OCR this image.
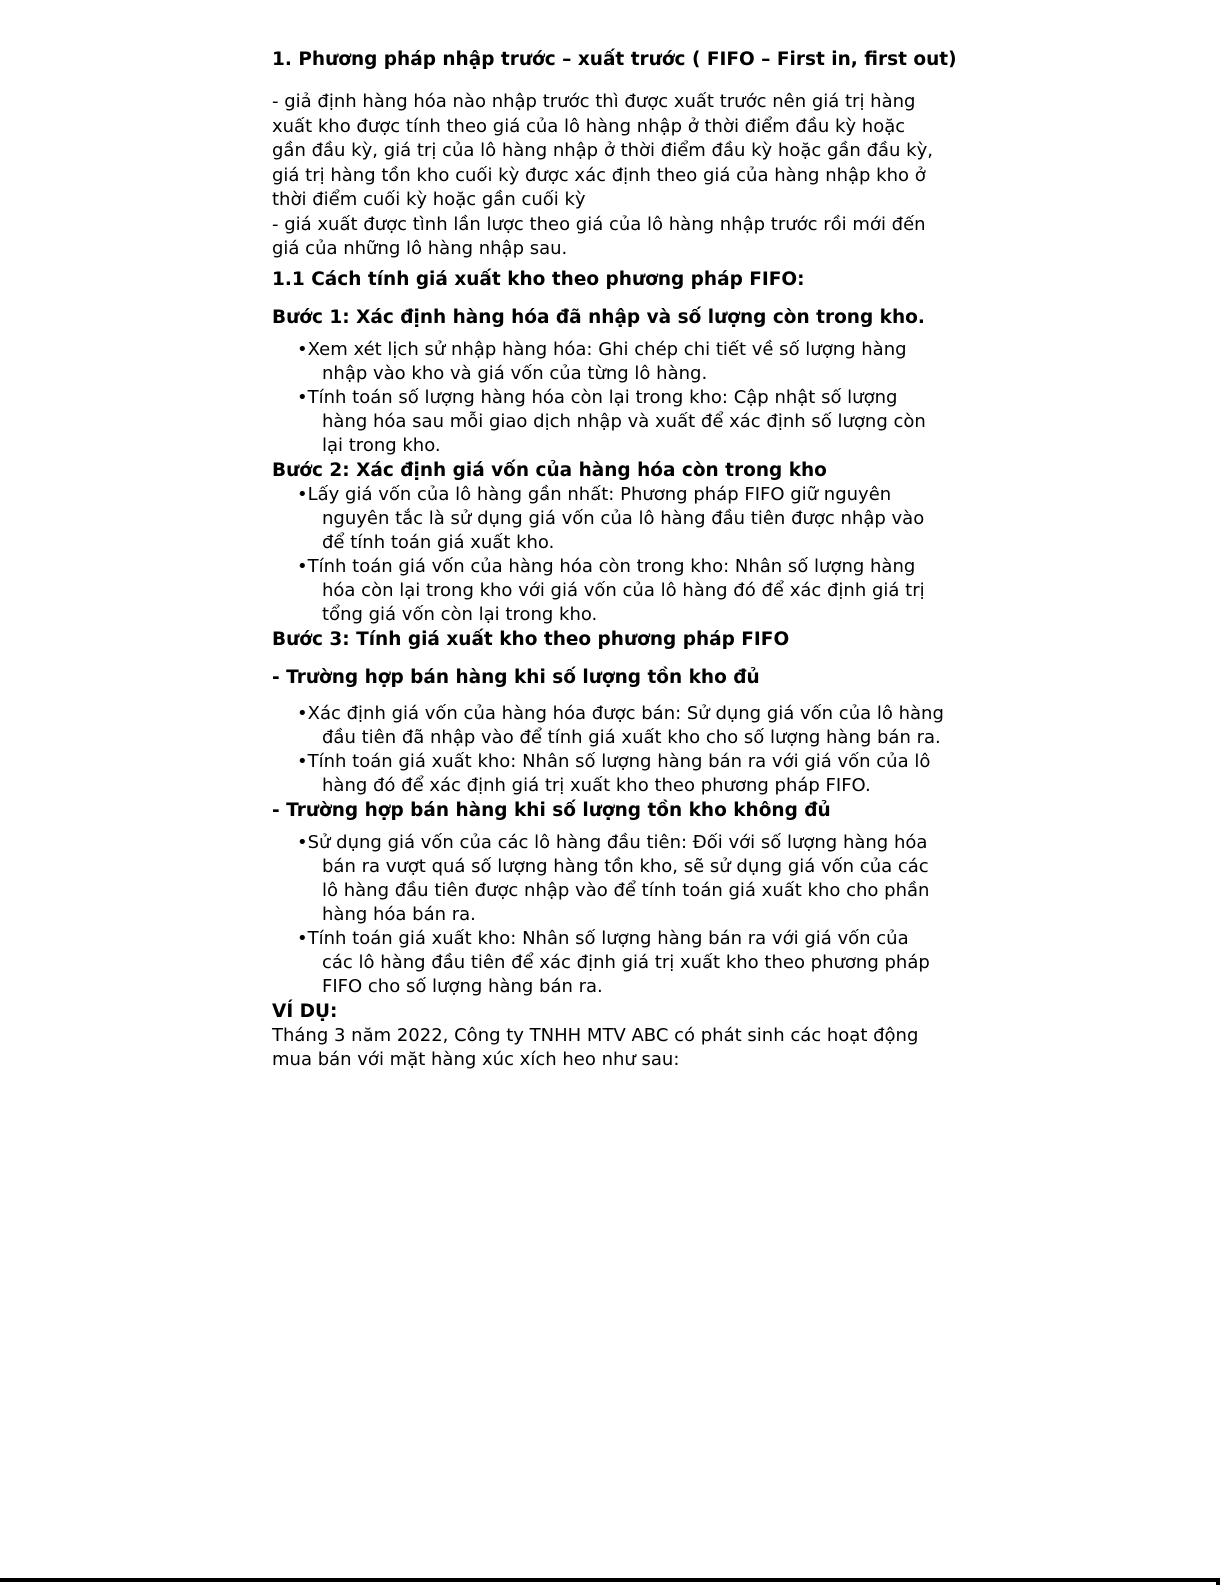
1. Phương pháp nhập trước – xuất trước ( FIFO – First in, first out)

- giả định hàng hóa nào nhập trước thì được xuất trước nên giá trị hàng xuất kho được tính theo giá của lô hàng nhập ở thời điểm đầu kỳ hoặc gần đầu kỳ, giá trị của lô hàng nhập ở thời điểm đầu kỳ hoặc gần đầu kỳ, giá trị hàng tồn kho cuối kỳ được xác định theo giá của hàng nhập kho ở thời điểm cuối kỳ hoặc gần cuối kỳ

- giá xuất được tình lần lược theo giá của lô hàng nhập trước rồi mới đến giá của những lô hàng nhập sau.

1.1 Cách tính giá xuất kho theo phương pháp FIFO:
Bước 1: Xác định hàng hóa đã nhập và số lượng còn trong kho.
•Xem xét lịch sử nhập hàng hóa: Ghi chép chi tiết về số lượng hàng nhập vào kho và giá vốn của từng lô hàng.
•Tính toán số lượng hàng hóa còn lại trong kho: Cập nhật số lượng hàng hóa sau mỗi giao dịch nhập và xuất để xác định số lượng còn lại trong kho.
Bước 2: Xác định giá vốn của hàng hóa còn trong kho
•Lấy giá vốn của lô hàng gần nhất: Phương pháp FIFO giữ nguyên nguyên tắc là sử dụng giá vốn của lô hàng đầu tiên được nhập vào để tính toán giá xuất kho.
•Tính toán giá vốn của hàng hóa còn trong kho: Nhân số lượng hàng hóa còn lại trong kho với giá vốn của lô hàng đó để xác định giá trị tổng giá vốn còn lại trong kho.
Bước 3: Tính giá xuất kho theo phương pháp FIFO
- Trường hợp bán hàng khi số lượng tồn kho đủ
•Xác định giá vốn của hàng hóa được bán: Sử dụng giá vốn của lô hàng đầu tiên đã nhập vào để tính giá xuất kho cho số lượng hàng bán ra.
•Tính toán giá xuất kho: Nhân số lượng hàng bán ra với giá vốn của lô hàng đó để xác định giá trị xuất kho theo phương pháp FIFO.
- Trường hợp bán hàng khi số lượng tồn kho không đủ
•Sử dụng giá vốn của các lô hàng đầu tiên: Đối với số lượng hàng hóa bán ra vượt quá số lượng hàng tồn kho, sẽ sử dụng giá vốn của các lô hàng đầu tiên được nhập vào để tính toán giá xuất kho cho phần hàng hóa bán ra.
•Tính toán giá xuất kho: Nhân số lượng hàng bán ra với giá vốn của các lô hàng đầu tiên để xác định giá trị xuất kho theo phương pháp FIFO cho số lượng hàng bán ra.
VÍ DỤ:

Tháng 3 năm 2022, Công ty TNHH MTV ABC có phát sinh các hoạt động mua bán với mặt hàng xúc xích heo như sau:
